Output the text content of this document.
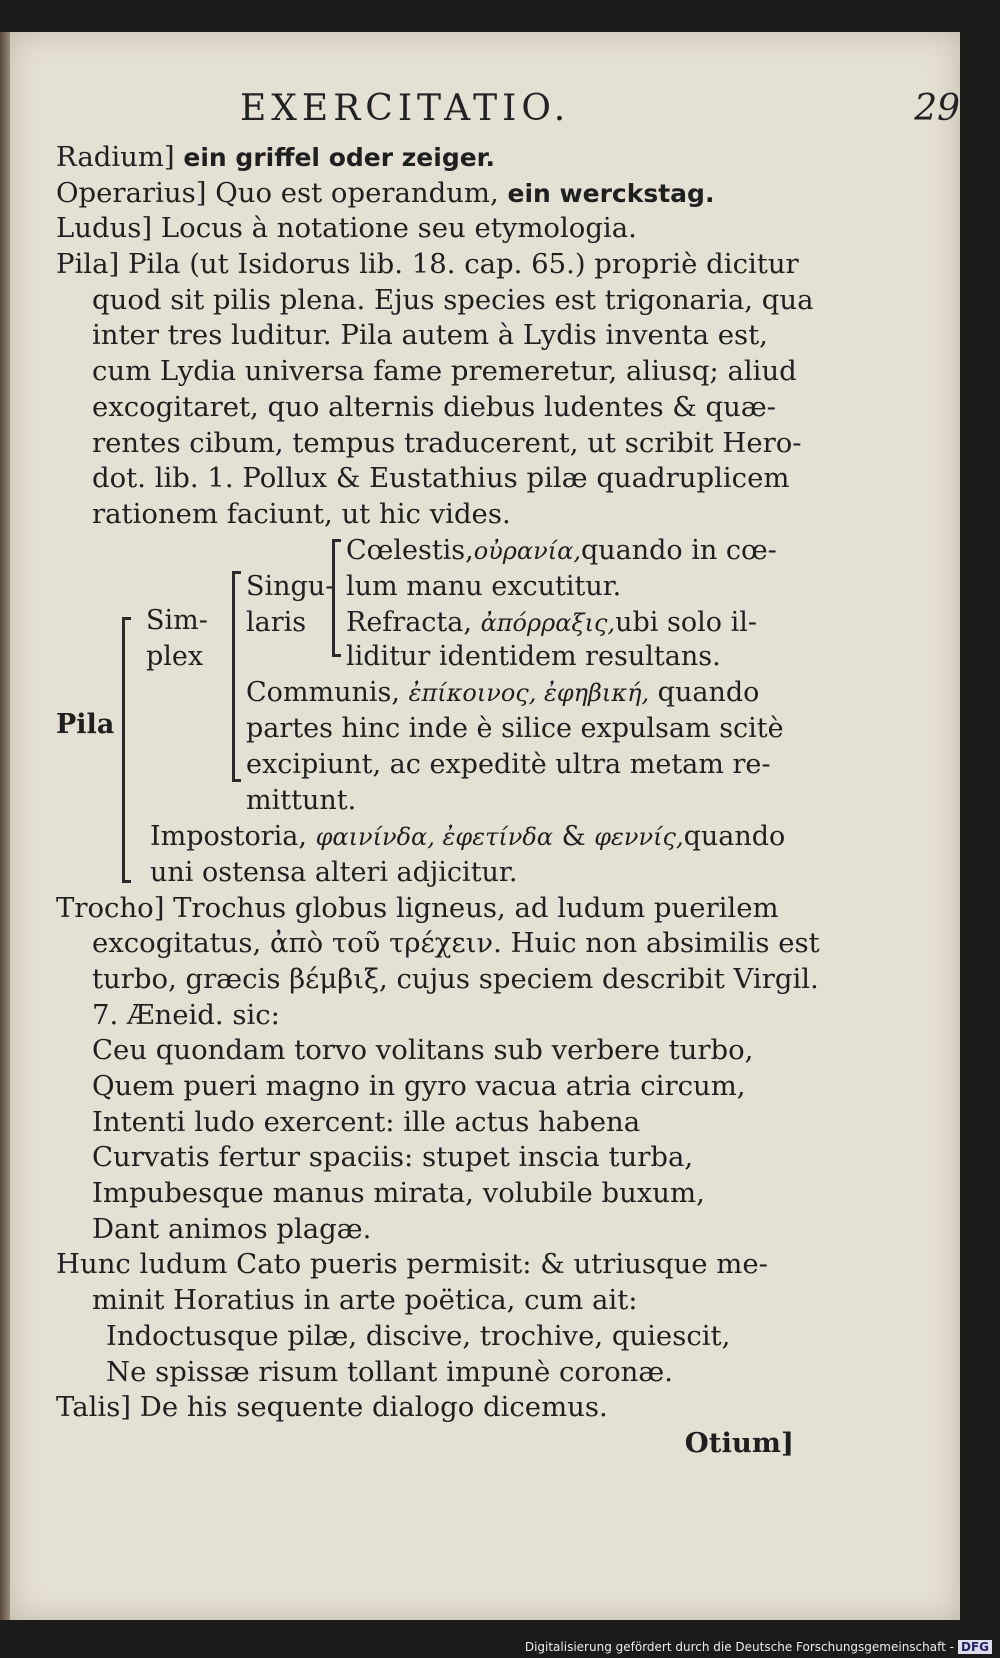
EXERCITATIO.	29
Radium] ein griffel oder zeiger.
Operarius] Quo est operandum, ein werckstag.
Ludus] Locus à notatione seu etymologia.
Pila] Pila (ut Isidorus lib. 18. cap. 65.) propriè dicitur
quod sit pilis plena. Ejus species est trigonaria, qua
inter tres luditur. Pila autem à Lydis inventa est,
cum Lydia universa fame premeretur, aliusq; aliud
excogitaret, quo alternis diebus ludentes & quæ-
rentes cibum, tempus traducerent, ut scribit Hero-
dot. lib. 1. Pollux & Eustathius pilæ quadruplicem
rationem faciunt, ut hic vides.
Pila
Sim-
plex
Singu-
laris
Cœlestis,οὐρανία,quando in cœ-
lum manu excutitur.
Refracta, ἀπόρραξις,ubi solo il-
liditur identidem resultans.
Communis, ἐπίκοινος, ἐφηβική, quando
partes hinc inde è silice expulsam scitè
excipiunt, ac expeditè ultra metam re-
mittunt.
Impostoria, φαινίνδα, ἐφετίνδα & φεννίς,quando
uni ostensa alteri adjicitur.
Trocho] Trochus globus ligneus, ad ludum puerilem
excogitatus, ἀπὸ τοῦ τρέχειν. Huic non absimilis est
turbo, græcis βέμβιξ, cujus speciem describit Virgil.
7. Æneid. sic:
Ceu quondam torvo volitans sub verbere turbo,
Quem pueri magno in gyro vacua atria circum,
Intenti ludo exercent: ille actus habena
Curvatis fertur spaciis: stupet inscia turba,
Impubesque manus mirata, volubile buxum,
Dant animos plagæ.
Hunc ludum Cato pueris permisit: & utriusque me-
minit Horatius in arte poëtica, cum ait:
Indoctusque pilæ, discive, trochive, quiescit,
Ne spissæ risum tollant impunè coronæ.
Talis] De his sequente dialogo dicemus.
Otium]
Digitalisierung gefördert durch die Deutsche Forschungsgemeinschaft - DFG
